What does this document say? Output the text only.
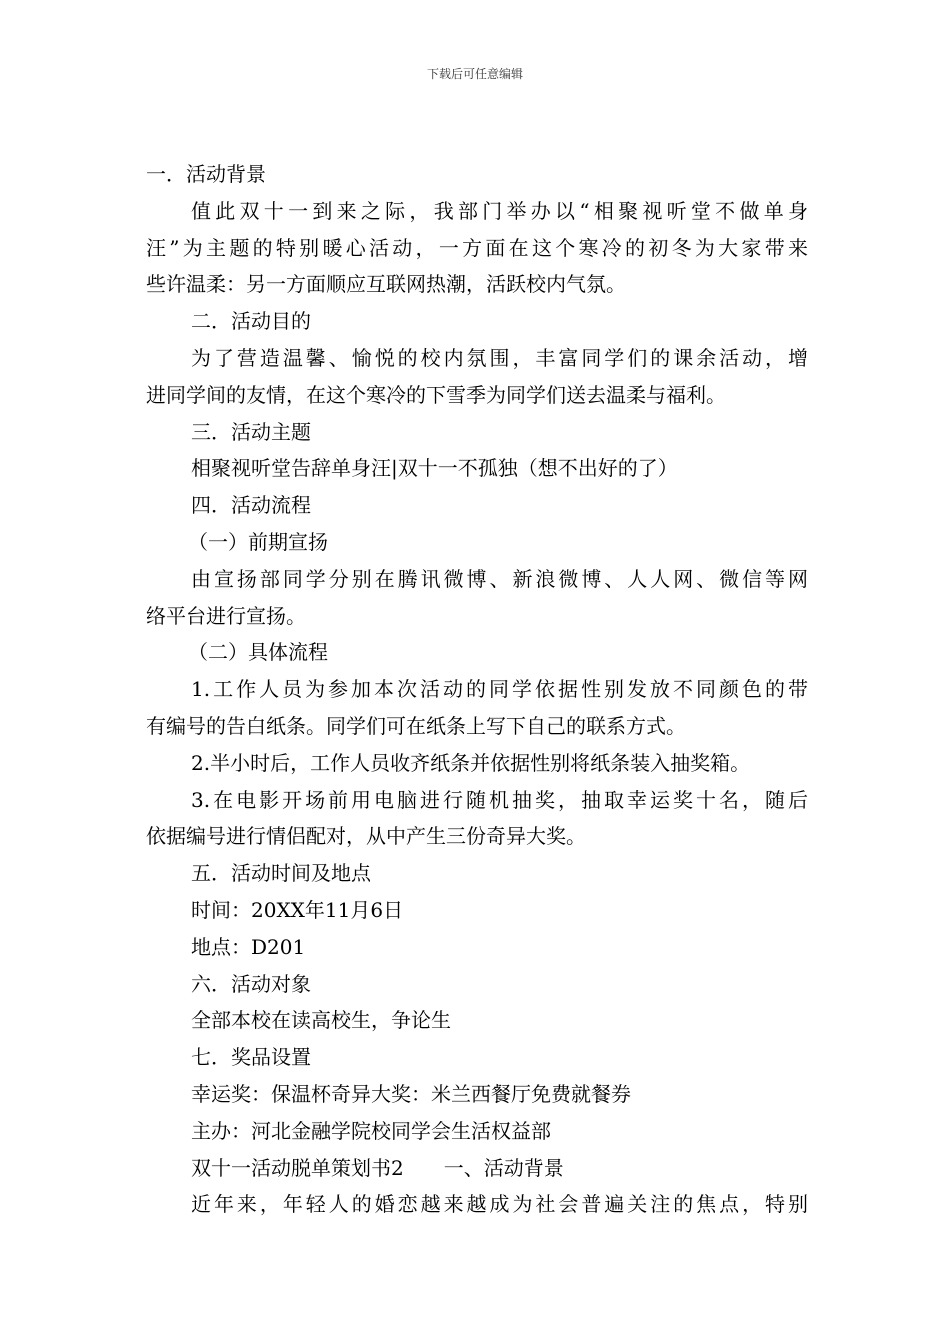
下载后可任意编辑
一．活动背景
值此双十一到来之际，我部门举办以“相聚视听堂不做单身
汪”为主题的特别暖心活动，一方面在这个寒冷的初冬为大家带来
些许温柔：另一方面顺应互联网热潮，活跃校内气氛。
二．活动目的
为了营造温馨、愉悦的校内氛围，丰富同学们的课余活动，增
进同学间的友情，在这个寒冷的下雪季为同学们送去温柔与福利。
三．活动主题
相聚视听堂告辞单身汪|双十一不孤独（想不出好的了）
四．活动流程
（一）前期宣扬
由宣扬部同学分别在腾讯微博、新浪微博、人人网、微信等网
络平台进行宣扬。
（二）具体流程
1.工作人员为参加本次活动的同学依据性别发放不同颜色的带
有编号的告白纸条。同学们可在纸条上写下自己的联系方式。
2.半小时后，工作人员收齐纸条并依据性别将纸条装入抽奖箱。
3.在电影开场前用电脑进行随机抽奖，抽取幸运奖十名，随后
依据编号进行情侣配对，从中产生三份奇异大奖。
五．活动时间及地点
时间：20XX年11月6日
地点：D201
六．活动对象
全部本校在读高校生，争论生
七．奖品设置
幸运奖：保温杯奇异大奖：米兰西餐厅免费就餐券
主办：河北金融学院校同学会生活权益部
双十一活动脱单策划书2 一、活动背景
近年来，年轻人的婚恋越来越成为社会普遍关注的焦点，特别
